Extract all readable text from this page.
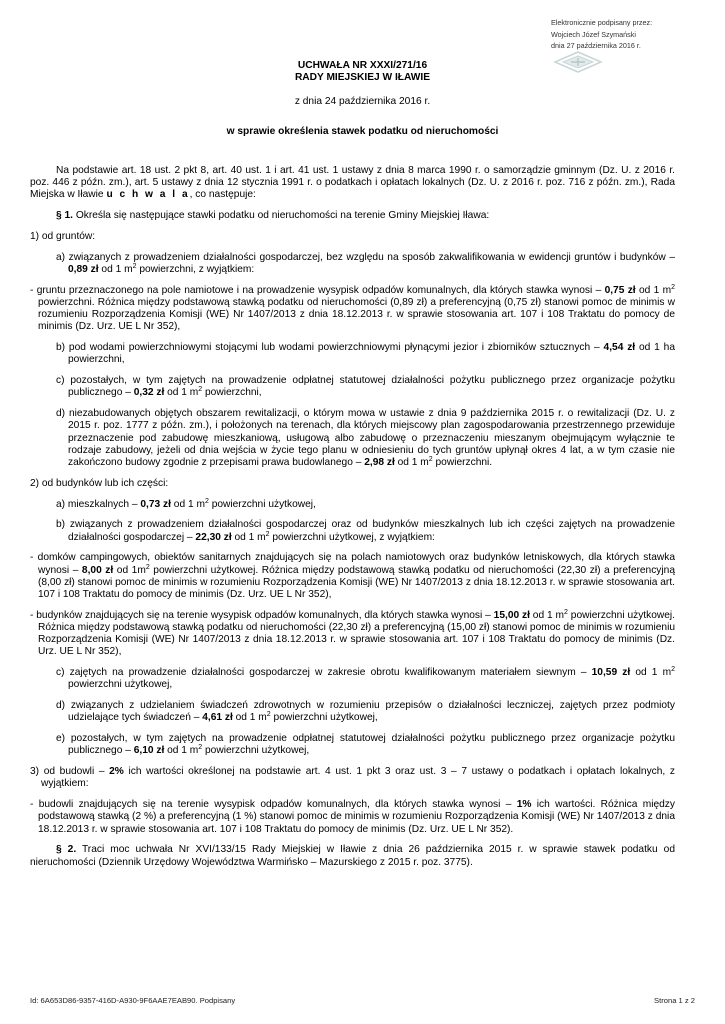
Elektronicznie podpisany przez:
Wojciech Józef Szymański
dnia 27 października 2016 r.
UCHWAŁA NR XXXI/271/16
RADY MIEJSKIEJ W IŁAWIE
z dnia 24 października 2016 r.
w sprawie określenia stawek podatku od nieruchomości

Na podstawie art. 18 ust. 2 pkt 8, art. 40 ust. 1 i art. 41 ust. 1 ustawy z dnia 8 marca 1990 r. o samorządzie gminnym (Dz. U. z 2016 r. poz. 446 z późn. zm.), art. 5 ustawy z dnia 12 stycznia 1991 r. o podatkach i opłatach lokalnych (Dz. U. z 2016 r. poz. 716 z późn. zm.), Rada Miejska w Iławie u c h w a l a, co następuje:

§ 1. Określa się następujące stawki podatku od nieruchomości na terenie Gminy Miejskiej Iława:

1) od gruntów:

a) związanych z prowadzeniem działalności gospodarczej, bez względu na sposób zakwalifikowania w ewidencji gruntów i budynków – 0,89 zł od 1 $m^2$ powierzchni, z wyjątkiem:

- gruntu przeznaczonego na pole namiotowe i na prowadzenie wysypisk odpadów komunalnych, dla których stawka wynosi – 0,75 zł od 1 $m^2$ powierzchni. Różnica między podstawową stawką podatku od nieruchomości (0,89 zł) a preferencyjną (0,75 zł) stanowi pomoc de minimis w rozumieniu Rozporządzenia Komisji (WE) Nr 1407/2013 z dnia 18.12.2013 r. w sprawie stosowania art. 107 i 108 Traktatu do pomocy de minimis (Dz. Urz. UE L Nr 352),

b) pod wodami powierzchniowymi stojącymi lub wodami powierzchniowymi płynącymi jezior i zbiorników sztucznych – 4,54 zł od 1 ha powierzchni,

c) pozostałych, w tym zajętych na prowadzenie odpłatnej statutowej działalności pożytku publicznego przez organizacje pożytku publicznego – 0,32 zł od 1 $m^2$ powierzchni,

d) niezabudowanych objętych obszarem rewitalizacji, o którym mowa w ustawie z dnia 9 października 2015 r. o rewitalizacji (Dz. U. z 2015 r. poz. 1777 z późn. zm.), i położonych na terenach, dla których miejscowy plan zagospodarowania przestrzennego przewiduje przeznaczenie pod zabudowę mieszkaniową, usługową albo zabudowę o przeznaczeniu mieszanym obejmującym wyłącznie te rodzaje zabudowy, jeżeli od dnia wejścia w życie tego planu w odniesieniu do tych gruntów upłynął okres 4 lat, a w tym czasie nie zakończono budowy zgodnie z przepisami prawa budowlanego – 2,98 zł od 1 $m^2$ powierzchni.

2) od budynków lub ich części:

a) mieszkalnych – 0,73 zł od 1 $m^2$ powierzchni użytkowej,

b) związanych z prowadzeniem działalności gospodarczej oraz od budynków mieszkalnych lub ich części zajętych na prowadzenie działalności gospodarczej – 22,30 zł od 1 $m^2$ powierzchni użytkowej, z wyjątkiem:

- domków campingowych, obiektów sanitarnych znajdujących się na polach namiotowych oraz budynków letniskowych, dla których stawka wynosi – 8,00 zł od $1m^2$ powierzchni użytkowej. Różnica między podstawową stawką podatku od nieruchomości (22,30 zł) a preferencyjną (8,00 zł) stanowi pomoc de minimis w rozumieniu Rozporządzenia Komisji (WE) Nr 1407/2013 z dnia 18.12.2013 r. w sprawie stosowania art. 107 i 108 Traktatu do pomocy de minimis (Dz. Urz. UE L Nr 352),

- budynków znajdujących się na terenie wysypisk odpadów komunalnych, dla których stawka wynosi – 15,00 zł od 1 $m^2$ powierzchni użytkowej. Różnica między podstawową stawką podatku od nieruchomości (22,30 zł) a preferencyjną (15,00 zł) stanowi pomoc de minimis w rozumieniu Rozporządzenia Komisji (WE) Nr 1407/2013 z dnia 18.12.2013 r. w sprawie stosowania art. 107 i 108 Traktatu do pomocy de minimis (Dz. Urz. UE L Nr 352),

c) zajętych na prowadzenie działalności gospodarczej w zakresie obrotu kwalifikowanym materiałem siewnym – 10,59 zł od 1 $m^2$ powierzchni użytkowej,

d) związanych z udzielaniem świadczeń zdrowotnych w rozumieniu przepisów o działalności leczniczej, zajętych przez podmioty udzielające tych świadczeń – 4,61 zł od 1 $m^2$ powierzchni użytkowej,

e) pozostałych, w tym zajętych na prowadzenie odpłatnej statutowej działalności pożytku publicznego przez organizacje pożytku publicznego – 6,10 zł od 1 $m^2$ powierzchni użytkowej,

3) od budowli – 2% ich wartości określonej na podstawie art. 4 ust. 1 pkt 3 oraz ust. 3 – 7 ustawy o podatkach i opłatach lokalnych, z wyjątkiem:

- budowli znajdujących się na terenie wysypisk odpadów komunalnych, dla których stawka wynosi – 1% ich wartości. Różnica między podstawową stawką (2 %) a preferencyjną (1 %) stanowi pomoc de minimis w rozumieniu Rozporządzenia Komisji (WE) Nr 1407/2013 z dnia 18.12.2013 r. w sprawie stosowania art. 107 i 108 Traktatu do pomocy de minimis (Dz. Urz. UE L Nr 352).

§ 2. Traci moc uchwała Nr XVI/133/15 Rady Miejskiej w Iławie z dnia 26 października 2015 r. w sprawie stawek podatku od nieruchomości (Dziennik Urzędowy Województwa Warmińsko – Mazurskiego z 2015 r. poz. 3775).

Id: 6A653D86-9357-416D-A930-9F6AAE7EAB90. Podpisany	Strona 1 z 2
